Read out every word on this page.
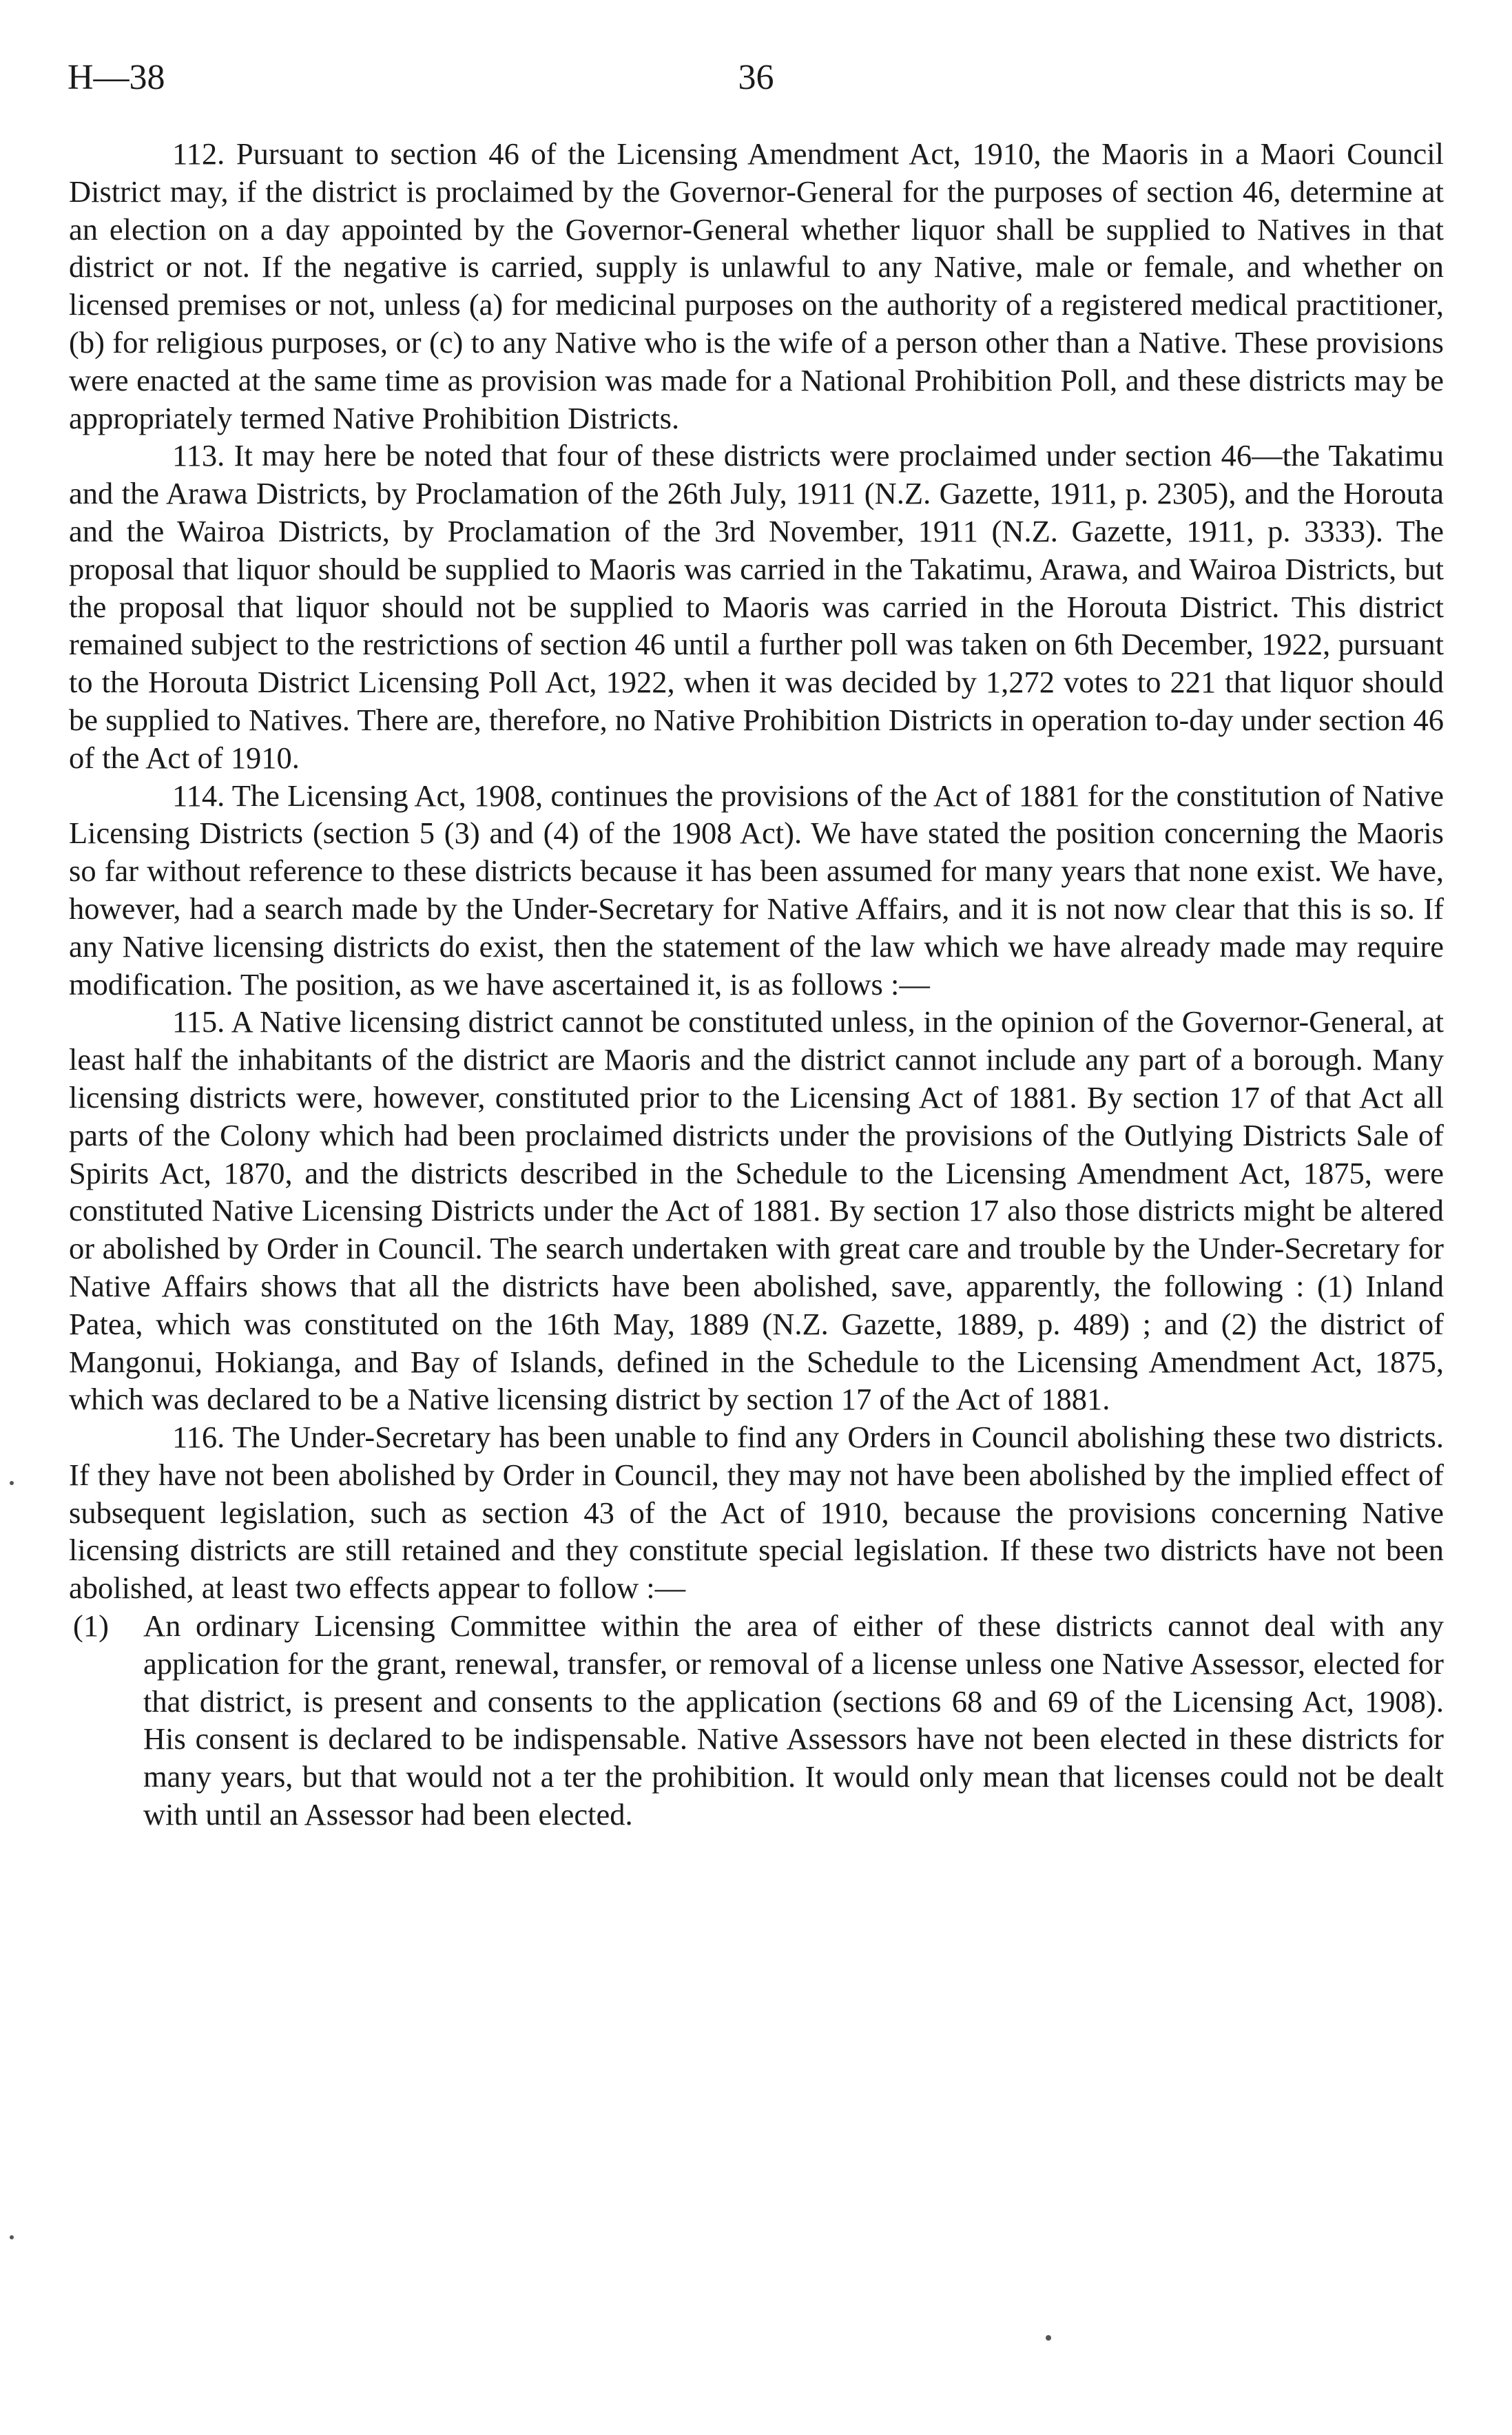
H—38	36

112. Pursuant to section 46 of the Licensing Amendment Act, 1910, the Maoris in a Maori Council District may, if the district is proclaimed by the Governor-General for the purposes of section 46, determine at an election on a day appointed by the Governor-General whether liquor shall be supplied to Natives in that district or not. If the negative is carried, supply is unlawful to any Native, male or female, and whether on licensed premises or not, unless (a) for medicinal purposes on the authority of a registered medical practitioner, (b) for religious purposes, or (c) to any Native who is the wife of a person other than a Native. These provisions were enacted at the same time as provision was made for a National Prohibition Poll, and these districts may be appropriately termed Native Prohibition Districts.

113. It may here be noted that four of these districts were proclaimed under section 46—the Takatimu and the Arawa Districts, by Proclamation of the 26th July, 1911 (N.Z. Gazette, 1911, p. 2305), and the Horouta and the Wairoa Districts, by Proclamation of the 3rd November, 1911 (N.Z. Gazette, 1911, p. 3333). The proposal that liquor should be supplied to Maoris was carried in the Takatimu, Arawa, and Wairoa Districts, but the proposal that liquor should not be supplied to Maoris was carried in the Horouta District. This district remained subject to the restrictions of section 46 until a further poll was taken on 6th December, 1922, pursuant to the Horouta District Licensing Poll Act, 1922, when it was decided by 1,272 votes to 221 that liquor should be supplied to Natives. There are, therefore, no Native Prohibition Districts in operation to-day under section 46 of the Act of 1910.

114. The Licensing Act, 1908, continues the provisions of the Act of 1881 for the constitution of Native Licensing Districts (section 5 (3) and (4) of the 1908 Act). We have stated the position concerning the Maoris so far without reference to these districts because it has been assumed for many years that none exist. We have, however, had a search made by the Under-Secretary for Native Affairs, and it is not now clear that this is so. If any Native licensing districts do exist, then the statement of the law which we have already made may require modification. The position, as we have ascertained it, is as follows :—

115. A Native licensing district cannot be constituted unless, in the opinion of the Governor-General, at least half the inhabitants of the district are Maoris and the district cannot include any part of a borough. Many licensing districts were, however, constituted prior to the Licensing Act of 1881. By section 17 of that Act all parts of the Colony which had been proclaimed districts under the provisions of the Outlying Districts Sale of Spirits Act, 1870, and the districts described in the Schedule to the Licensing Amendment Act, 1875, were constituted Native Licensing Districts under the Act of 1881. By section 17 also those districts might be altered or abolished by Order in Council. The search undertaken with great care and trouble by the Under-Secretary for Native Affairs shows that all the districts have been abolished, save, apparently, the following : (1) Inland Patea, which was constituted on the 16th May, 1889 (N.Z. Gazette, 1889, p. 489) ; and (2) the district of Mangonui, Hokianga, and Bay of Islands, defined in the Schedule to the Licensing Amendment Act, 1875, which was declared to be a Native licensing district by section 17 of the Act of 1881.

116. The Under-Secretary has been unable to find any Orders in Council abolishing these two districts. If they have not been abolished by Order in Council, they may not have been abolished by the implied effect of subsequent legislation, such as section 43 of the Act of 1910, because the provisions concerning Native licensing districts are still retained and they constitute special legislation. If these two districts have not been abolished, at least two effects appear to follow :—

(1) An ordinary Licensing Committee within the area of either of these districts cannot deal with any application for the grant, renewal, transfer, or removal of a license unless one Native Assessor, elected for that district, is present and consents to the application (sections 68 and 69 of the Licensing Act, 1908). His consent is declared to be indispensable. Native Assessors have not been elected in these districts for many years, but that would not a ter the prohibition. It would only mean that licenses could not be dealt with until an Assessor had been elected.
